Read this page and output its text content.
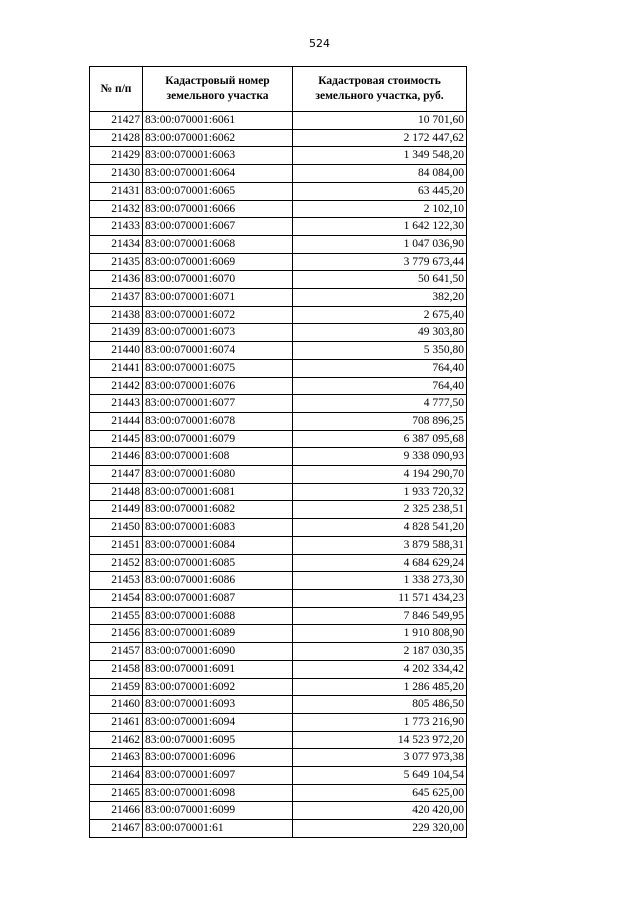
524
№ п/п	Кадастровый номер земельного участка	Кадастровая стоимость земельного участка, руб.
21427	83:00:070001:6061	10 701,60
21428	83:00:070001:6062	2 172 447,62
21429	83:00:070001:6063	1 349 548,20
21430	83:00:070001:6064	84 084,00
21431	83:00:070001:6065	63 445,20
21432	83:00:070001:6066	2 102,10
21433	83:00:070001:6067	1 642 122,30
21434	83:00:070001:6068	1 047 036,90
21435	83:00:070001:6069	3 779 673,44
21436	83:00:070001:6070	50 641,50
21437	83:00:070001:6071	382,20
21438	83:00:070001:6072	2 675,40
21439	83:00:070001:6073	49 303,80
21440	83:00:070001:6074	5 350,80
21441	83:00:070001:6075	764,40
21442	83:00:070001:6076	764,40
21443	83:00:070001:6077	4 777,50
21444	83:00:070001:6078	708 896,25
21445	83:00:070001:6079	6 387 095,68
21446	83:00:070001:608	9 338 090,93
21447	83:00:070001:6080	4 194 290,70
21448	83:00:070001:6081	1 933 720,32
21449	83:00:070001:6082	2 325 238,51
21450	83:00:070001:6083	4 828 541,20
21451	83:00:070001:6084	3 879 588,31
21452	83:00:070001:6085	4 684 629,24
21453	83:00:070001:6086	1 338 273,30
21454	83:00:070001:6087	11 571 434,23
21455	83:00:070001:6088	7 846 549,95
21456	83:00:070001:6089	1 910 808,90
21457	83:00:070001:6090	2 187 030,35
21458	83:00:070001:6091	4 202 334,42
21459	83:00:070001:6092	1 286 485,20
21460	83:00:070001:6093	805 486,50
21461	83:00:070001:6094	1 773 216,90
21462	83:00:070001:6095	14 523 972,20
21463	83:00:070001:6096	3 077 973,38
21464	83:00:070001:6097	5 649 104,54
21465	83:00:070001:6098	645 625,00
21466	83:00:070001:6099	420 420,00
21467	83:00:070001:61	229 320,00
